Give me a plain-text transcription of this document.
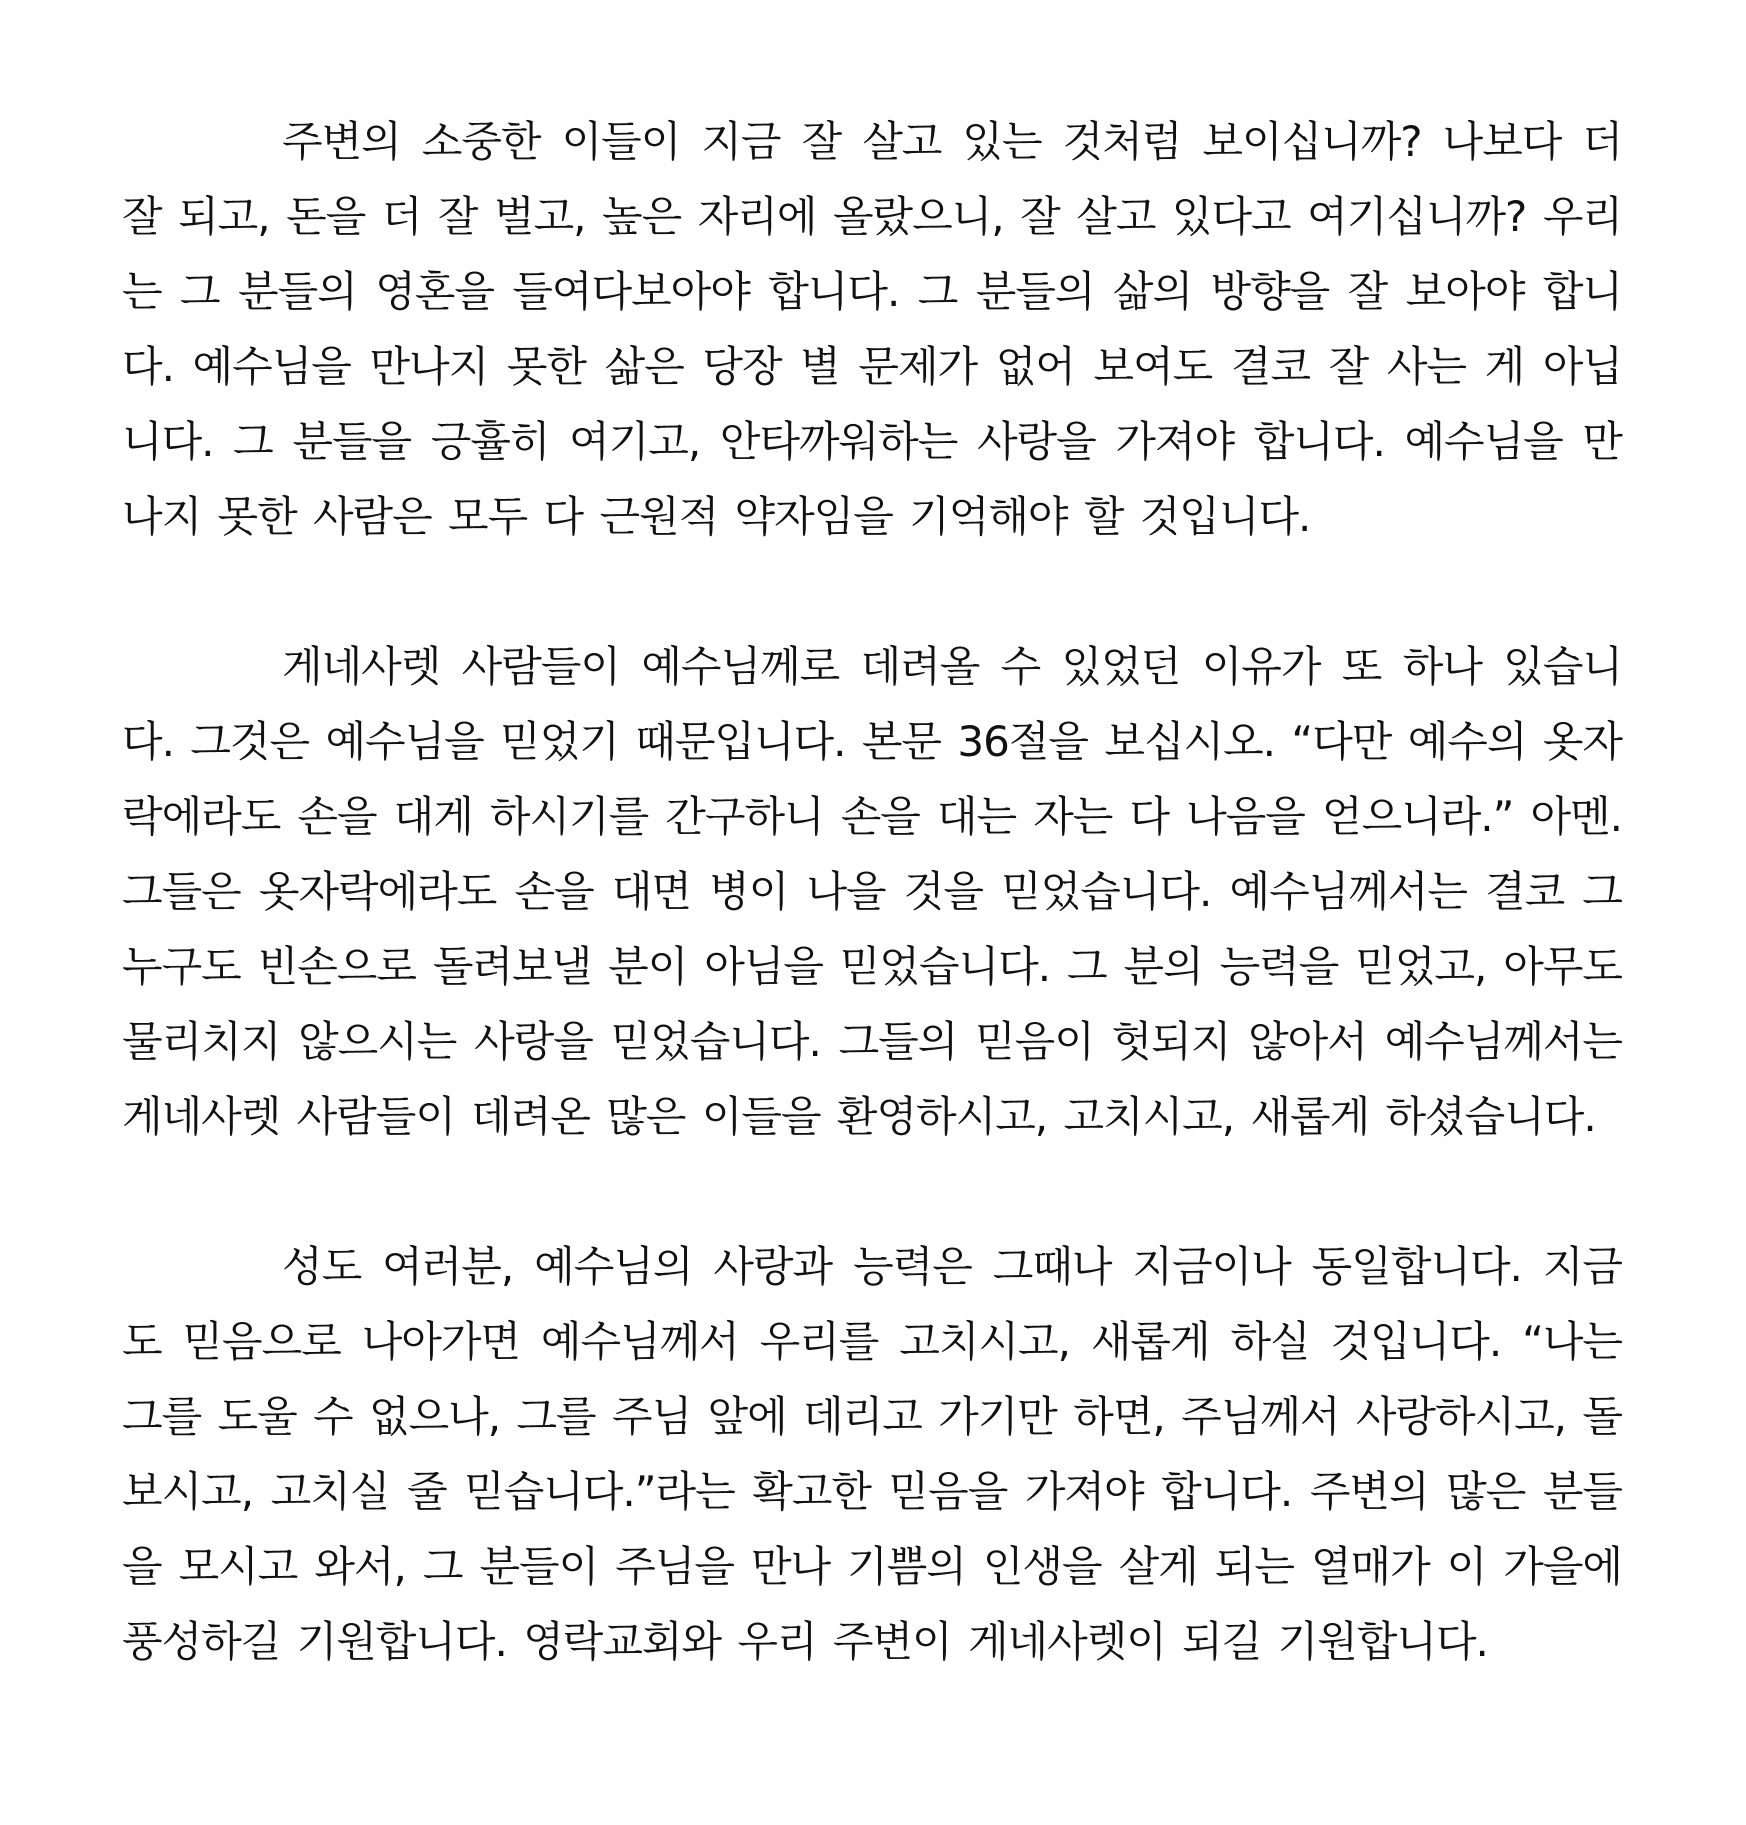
주변의 소중한 이들이 지금 잘 살고 있는 것처럼 보이십니까? 나보다 더 잘 되고, 돈을 더 잘 벌고, 높은 자리에 올랐으니, 잘 살고 있다고 여기십니까? 우리는 그 분들의 영혼을 들여다보아야 합니다. 그 분들의 삶의 방향을 잘 보아야 합니다. 예수님을 만나지 못한 삶은 당장 별 문제가 없어 보여도 결코 잘 사는 게 아닙니다. 그 분들을 긍휼히 여기고, 안타까워하는 사랑을 가져야 합니다. 예수님을 만나지 못한 사람은 모두 다 근원적 약자임을 기억해야 할 것입니다.

게네사렛 사람들이 예수님께로 데려올 수 있었던 이유가 또 하나 있습니다. 그것은 예수님을 믿었기 때문입니다. 본문 36절을 보십시오. “다만 예수의 옷자락에라도 손을 대게 하시기를 간구하니 손을 대는 자는 다 나음을 얻으니라.” 아멘. 그들은 옷자락에라도 손을 대면 병이 나을 것을 믿었습니다. 예수님께서는 결코 그 누구도 빈손으로 돌려보낼 분이 아님을 믿었습니다. 그 분의 능력을 믿었고, 아무도 물리치지 않으시는 사랑을 믿었습니다. 그들의 믿음이 헛되지 않아서 예수님께서는 게네사렛 사람들이 데려온 많은 이들을 환영하시고, 고치시고, 새롭게 하셨습니다.

성도 여러분, 예수님의 사랑과 능력은 그때나 지금이나 동일합니다. 지금도 믿음으로 나아가면 예수님께서 우리를 고치시고, 새롭게 하실 것입니다. “나는 그를 도울 수 없으나, 그를 주님 앞에 데리고 가기만 하면, 주님께서 사랑하시고, 돌보시고, 고치실 줄 믿습니다.”라는 확고한 믿음을 가져야 합니다. 주변의 많은 분들을 모시고 와서, 그 분들이 주님을 만나 기쁨의 인생을 살게 되는 열매가 이 가을에 풍성하길 기원합니다. 영락교회와 우리 주변이 게네사렛이 되길 기원합니다.
